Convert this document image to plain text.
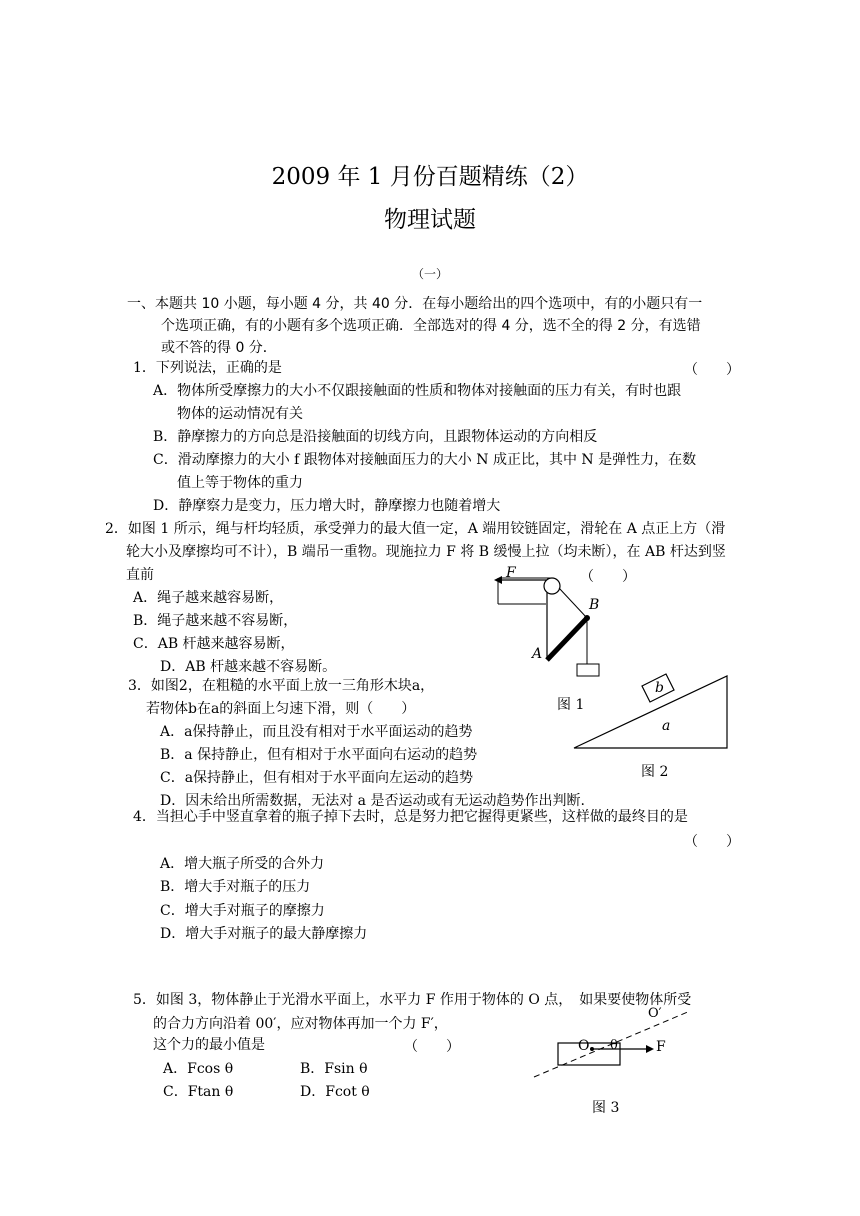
2009 年 1 月份百题精练（2）
物理试题
（一）
一、本题共 10 小题，每小题 4 分，共 40 分．在每小题给出的四个选项中，有的小题只有一

个选项正确，有的小题有多个选项正确．全部选对的得 4 分，选不全的得 2 分，有选错
或不答的得 0 分．
1．下列说法，正确的是	（　　）
A．物体所受摩擦力的大小不仅跟接触面的性质和物体对接触面的压力有关，有时也跟
物体的运动情况有关
B．静摩擦力的方向总是沿接触面的切线方向，且跟物体运动的方向相反
C．滑动摩擦力的大小 f 跟物体对接触面压力的大小 N 成正比，其中 N 是弹性力，在数
值上等于物体的重力
D．静摩察力是变力，压力增大时，静摩擦力也随着增大
2．如图 1 所示，绳与杆均轻质，承受弹力的最大值一定，A 端用铰链固定，滑轮在 A 点正上方（滑
轮大小及摩擦均可不计），B 端吊一重物。现施拉力 F 将 B 缓慢上拉（均未断），在 AB 杆达到竖
直前	（　　）
A．绳子越来越容易断，
B．绳子越来越不容易断，
C．AB 杆越来越容易断，
D．AB 杆越来越不容易断。
F
B
A
图 1
3．如图2，在粗糙的水平面上放一三角形木块a，
若物体b在a的斜面上匀速下滑，则（　　）
A．a保持静止，而且没有相对于水平面运动的趋势
B．a 保持静止，但有相对于水平面向右运动的趋势
C．a保持静止，但有相对于水平面向左运动的趋势
D．因未给出所需数据，无法对 a 是否运动或有无运动趋势作出判断.
b
a
图 2
4．当担心手中竖直拿着的瓶子掉下去时，总是努力把它握得更紧些，这样做的最终目的是
（　　）
A．增大瓶子所受的合外力
B．增大手对瓶子的压力
C．增大手对瓶子的摩擦力
D．增大手对瓶子的最大静摩擦力
5．如图 3，物体静止于光滑水平面上，水平力 F 作用于物体的 O 点，　如果要使物体所受
的合力方向沿着 00′，应对物体再加一个力 F′，
这个力的最小值是	（　　）
A．Fcos θ	B．Fsin θ
C．Ftan θ	D．Fcot θ
O θ	F
O′
图 3
